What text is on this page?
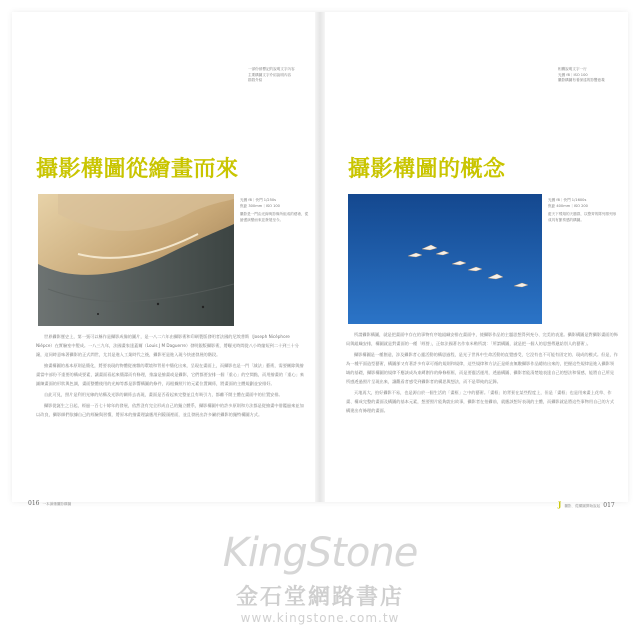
一部份被標記的說明文字內容
主要構圖文字介紹說明內容
描寫介紹
攝影構圖從繪畫而來
光圈 f8｜快門 1/250s
焦距 300mm｜ISO 100
攝影是一門由光線與影像所組成的藝術，從繪畫演變而來並發展至今。

世界攝影歷史上，第一張可以稱作是攝影成像的圖片，是一八二六年由攝影術和印刷製版發明者法國的尼埃普斯（Joseph Nicéphore Niépce）在實驗室中製成。一八三九年，法國畫家達蓋爾（Louis J M Daguerre）發明銀版攝影術，將曝光時間從八小時縮短到二十到三十分鐘，這同時意味著攝影的正式問世，尤其是進入工業時代之後，攝影更是進入現今快速發展的階段。

繪畫構圖的基本原則是簡化，將要表現的物體從複雜的環境和背景中簡化出來，呈現在畫面上，而攝影也是一門「減法」藝術，需要刪除與繪畫當中部份不重要的構成要素，讓畫面看起來簡潔而有條理，推論是繪畫或是攝影，它們都要安排一個「重心」的空間點，而用繪畫的「重心」來鋪陳畫面的形狀與色調，畫面整體使用的光線等都是影響構圖的條件，再根據照片的元素位置關係，將畫面的主體規劃並安排好。

自此可見，照片是利用光線的結構及光影的關係去表現，畫面是否看起來完整並且有吸引力，都離不開主體在畫面中的位置安排。

攝影從誕生之日起，經過一百七十餘年的發展，依然沒有完全形成自己的獨立體系，攝影構圖中的許多原則和方法都是從繪畫中借鑑過來並加以改良，攝影師們依據自己的經驗與習慣，將原本的繪畫理論應用到鏡頭裡面，並且發展出許多屬於攝影的獨特構圖方式。

016 一本讀懂攝影構圖
相關說明文字一行
光圈 f8｜ISO 100
攝影構圖有著深遠的影響意義
攝影構圖的概念
光圈 f8｜快門 1/1600s
焦距 400mm｜ISO 200
藍天下飛翔的天鵝群，以整齊的隊列排列形成具有節奏感的構圖。

所謂攝影構圖，就是把畫面中存在的事物有序地組織安排在畫面中，使攝影作品的主題思想得到充分、完美的表達。攝影構圖是對攝影畫面的佈局與組織安排，構圖就是對畫面的一種「經營」，正如法國著名作家米勒所說：「所謂構圖，就是把一個人的思想傳遞給別人的藝術」。

攝影構圖是一種創造，涉及攝影者心靈活動的構思過程，是光子世界中生命活動的直覺感受，它沒有也不可能有固定的、現成的模式。但是，作為一種平面造型藝術，構圖卻又有著許多有章可循的規則和規律，這些規律和方法正是經由無數攝影作品總結出來的，把握這些規律是進入攝影領域的基礎，攝影構圖的規律不應該成為束縛創作的條條框框，而是要靈活運用，透過構圖、攝影者能清楚地表達自己的想法和情感，能將自己所見所感透過照片呈現出來，讓觀看者感受到攝影者的構思與想法，而不是單純的記錄。

天地再大，拍好攝影不易，也是源自於一個生活的「畫框」之中的藝術。「畫框」的背景在某些程度上，但是「畫框」也是用來畫上花草、作畫、構成完整的畫面及構圖的基本元素，想要照片能夠說出故事，攝影者在拍攝前，就應該想好表現的主體，而攝影就是將這些事物用自己的方式構建出有條理的畫面。

J攝影．從構圖開始說起 017
KingStone
金石堂網路書店
www.kingstone.com.tw
